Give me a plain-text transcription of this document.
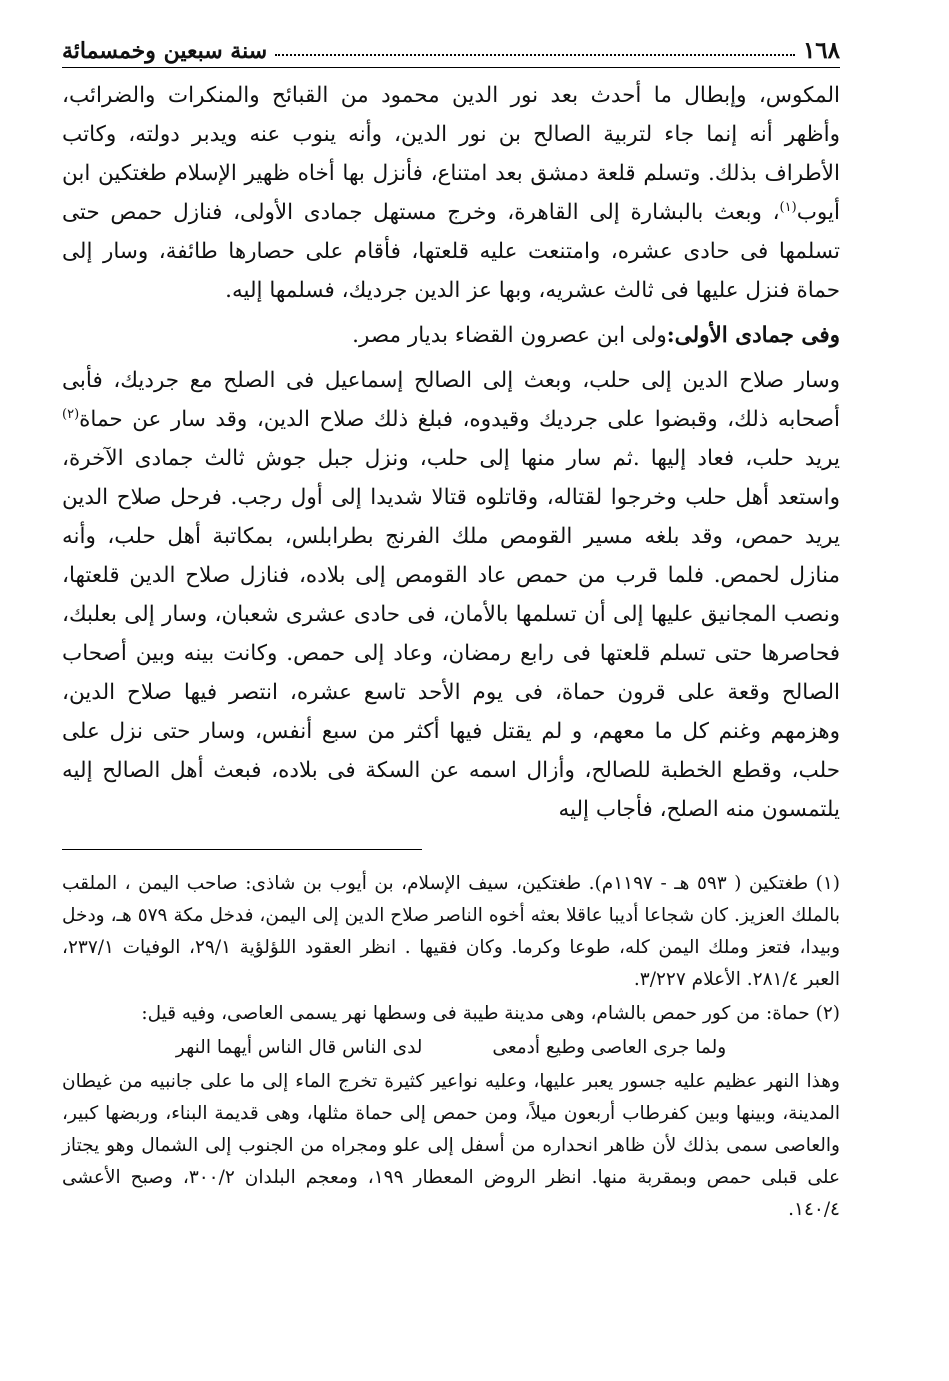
١٦٨
سنة سبعين وخمسمائة

المكوس، وإبطال ما أحدث بعد نور الدين محمود من القبائح والمنكرات والضرائب، وأظهر أنه إنما جاء لتربية الصالح بن نور الدين، وأنه ينوب عنه ويدبر دولته، وكاتب الأطراف بذلك. وتسلم قلعة دمشق بعد امتناع، فأنزل بها أخاه ظهير الإسلام طغتكين ابن أيوب$^{(١)}$، وبعث بالبشارة إلى القاهرة، وخرج مستهل جمادى الأولى، فنازل حمص حتى تسلمها فى حادى عشره، وامتنعت عليه قلعتها، فأقام على حصارها طائفة، وسار إلى حماة فنزل عليها فى ثالث عشريه، وبها عز الدين جرديك، فسلمها إليه.

وفى جمادى الأولى:ولى ابن عصرون القضاء بديار مصر.

وسار صلاح الدين إلى حلب، وبعث إلى الصالح إسماعيل فى الصلح مع جرديك، فأبى أصحابه ذلك، وقبضوا على جرديك وقيدوه، فبلغ ذلك صلاح الدين، وقد سار عن حماة$^{(٢)}$ يريد حلب، فعاد إليها .ثم سار منها إلى حلب، ونزل جبل جوش ثالث جمادى الآخرة، واستعد أهل حلب وخرجوا لقتاله، وقاتلوه قتالا شديدا إلى أول رجب. فرحل صلاح الدين يريد حمص، وقد بلغه مسير القومص ملك الفرنج بطرابلس، بمكاتبة أهل حلب، وأنه منازل لحمص. فلما قرب من حمص عاد القومص إلى بلاده، فنازل صلاح الدين قلعتها، ونصب المجانيق عليها إلى أن تسلمها بالأمان، فى حادى عشرى شعبان، وسار إلى بعلبك، فحاصرها حتى تسلم قلعتها فى رابع رمضان، وعاد إلى حمص. وكانت بينه وبين أصحاب الصالح وقعة على قرون حماة، فى يوم الأحد تاسع عشره، انتصر فيها صلاح الدين، وهزمهم وغنم كل ما معهم، و لم يقتل فيها أكثر من سبع أنفس، وسار حتى نزل على حلب، وقطع الخطبة للصالح، وأزال اسمه عن السكة فى بلاده، فبعث أهل الصالح إليه يلتمسون منه الصلح، فأجاب إليه

(١) طغتكين ( ٥٩٣ هـ - ١١٩٧م). طغتكين، سيف الإسلام، بن أيوب بن شاذى: صاحب اليمن ، الملقب بالملك العزيز. كان شجاعا أديبا عاقلا بعثه أخوه الناصر صلاح الدين إلى اليمن، فدخل مكة ٥٧٩ هـ، ودخل وبيدا، فتعز وملك اليمن كله، طوعا وكرما. وكان فقيها . انظر العقود اللؤلؤية ٢٩/١، الوفيات ٢٣٧/١، العبر ٢٨١/٤. الأعلام ٣/٢٢٧.

(٢) حماة: من كور حمص بالشام، وهى مدينة طيبة فى وسطها نهر يسمى العاصى، وفيه قيل:

ولما جرى العاصى وطيع أدمعى
لدى الناس قال الناس أيهما النهر

وهذا النهر عظيم عليه جسور يعبر عليها، وعليه نواعير كثيرة تخرج الماء إلى ما على جانبيه من غيطان المدينة، وبينها وبين كفرطاب أربعون ميلاً، ومن حمص إلى حماة مثلها، وهى قديمة البناء، وربضها كبير، والعاصى سمى بذلك لأن ظاهر انحداره من أسفل إلى علو ومجراه من الجنوب إلى الشمال وهو يجتاز على قبلى حمص وبمقربة منها. انظر الروض المعطار ١٩٩، ومعجم البلدان ٣٠٠/٢، وصبح الأعشى ١٤٠/٤.
